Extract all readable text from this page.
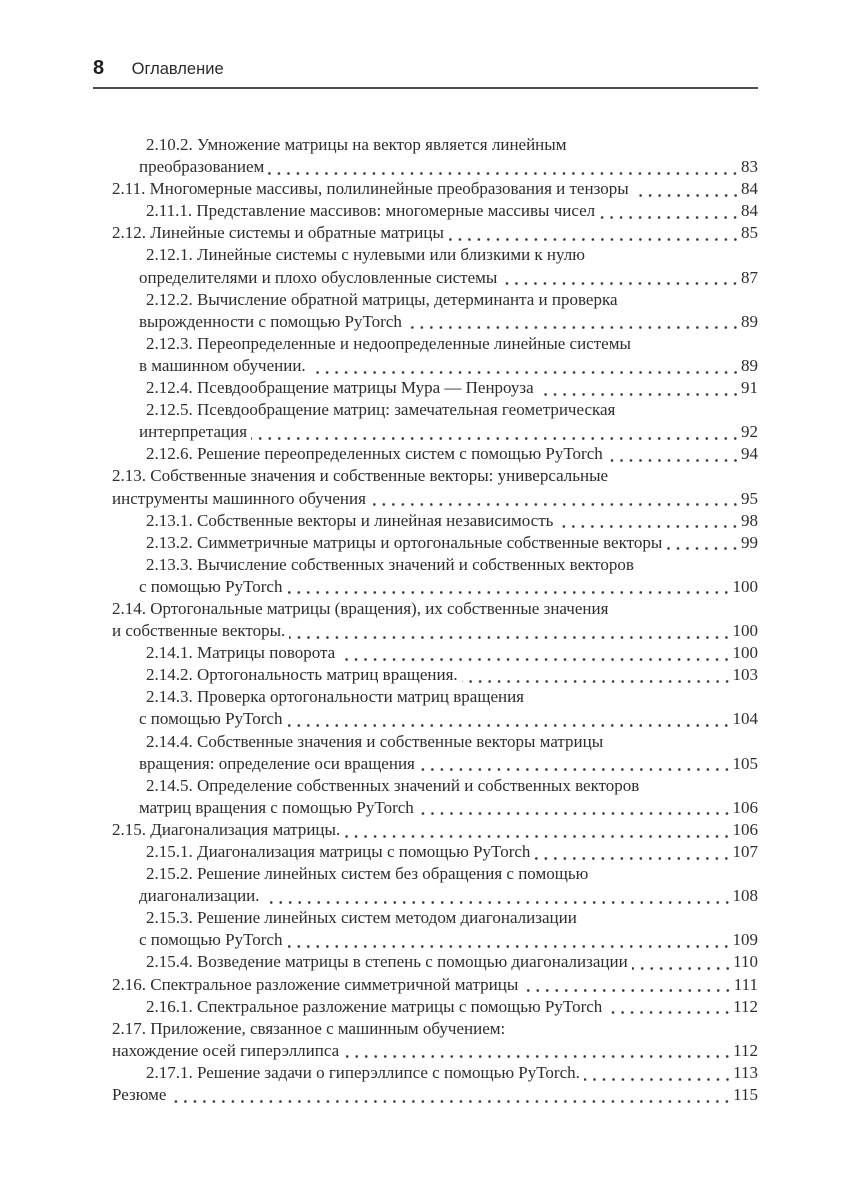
8 Оглавление
2.10.2. Умножение матрицы на вектор является линейным
преобразованием	83
2.11. Многомерные массивы, полилинейные преобразования и тензоры	84
2.11.1. Представление массивов: многомерные массивы чисел	84
2.12. Линейные системы и обратные матрицы	85
2.12.1. Линейные системы с нулевыми или близкими к нулю
определителями и плохо обусловленные системы	87
2.12.2. Вычисление обратной матрицы, детерминанта и проверка
вырожденности с помощью PyTorch	89
2.12.3. Переопределенные и недоопределенные линейные системы
в машинном обучении.	89
2.12.4. Псевдообращение матрицы Мура — Пенроуза	91
2.12.5. Псевдообращение матриц: замечательная геометрическая
интерпретация	92
2.12.6. Решение переопределенных систем с помощью PyTorch	94
2.13. Собственные значения и собственные векторы: универсальные
инструменты машинного обучения	95
2.13.1. Собственные векторы и линейная независимость	98
2.13.2. Симметричные матрицы и ортогональные собственные векторы	99
2.13.3. Вычисление собственных значений и собственных векторов
с помощью PyTorch	100
2.14. Ортогональные матрицы (вращения), их собственные значения
и собственные векторы.	100
2.14.1. Матрицы поворота	100
2.14.2. Ортогональность матриц вращения.	103
2.14.3. Проверка ортогональности матриц вращения
с помощью PyTorch	104
2.14.4. Собственные значения и собственные векторы матрицы
вращения: определение оси вращения	105
2.14.5. Определение собственных значений и собственных векторов
матриц вращения с помощью PyTorch	106
2.15. Диагонализация матрицы.	106
2.15.1. Диагонализация матрицы с помощью PyTorch	107
2.15.2. Решение линейных систем без обращения с помощью
диагонализации.	108
2.15.3. Решение линейных систем методом диагонализации
с помощью PyTorch	109
2.15.4. Возведение матрицы в степень с помощью диагонализации	110
2.16. Спектральное разложение симметричной матрицы	111
2.16.1. Спектральное разложение матрицы с помощью PyTorch	112
2.17. Приложение, связанное с машинным обучением:
нахождение осей гиперэллипса	112
2.17.1. Решение задачи о гиперэллипсе с помощью PyTorch.	113
Резюме	115
